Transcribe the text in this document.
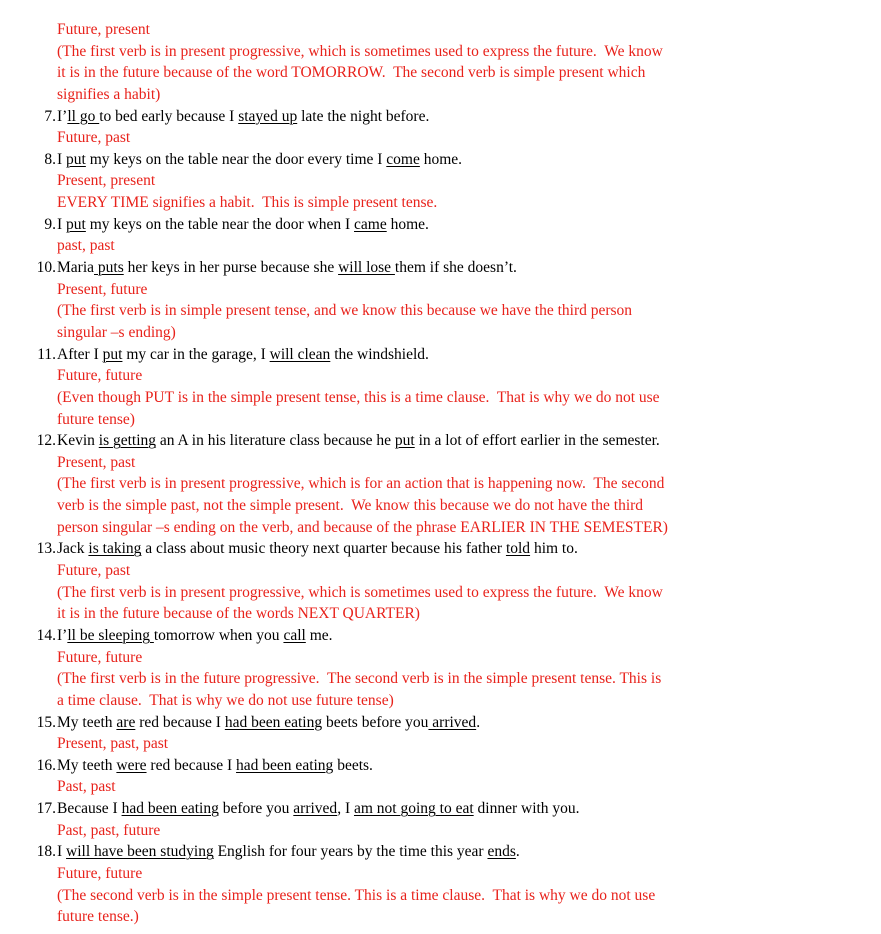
Future, present
(The first verb is in present progressive, which is sometimes used to express the future.  We know
it is in the future because of the word TOMORROW.  The second verb is simple present which
signifies a habit)
7. I’ll go to bed early because I stayed up late the night before.
Future, past
8. I put my keys on the table near the door every time I come home.
Present, present
EVERY TIME signifies a habit.  This is simple present tense.
9. I put my keys on the table near the door when I came home.
past, past
10. Maria puts her keys in her purse because she will lose them if she doesn’t.
Present, future
(The first verb is in simple present tense, and we know this because we have the third person
singular –s ending)
11. After I put my car in the garage, I will clean the windshield.
Future, future
(Even though PUT is in the simple present tense, this is a time clause.  That is why we do not use
future tense)
12. Kevin is getting an A in his literature class because he put in a lot of effort earlier in the semester.
Present, past
(The first verb is in present progressive, which is for an action that is happening now.  The second
verb is the simple past, not the simple present.  We know this because we do not have the third
person singular –s ending on the verb, and because of the phrase EARLIER IN THE SEMESTER)
13. Jack is taking a class about music theory next quarter because his father told him to.
Future, past
(The first verb is in present progressive, which is sometimes used to express the future.  We know
it is in the future because of the words NEXT QUARTER)
14. I’ll be sleeping tomorrow when you call me.
Future, future
(The first verb is in the future progressive.  The second verb is in the simple present tense. This is
a time clause.  That is why we do not use future tense)
15. My teeth are red because I had been eating beets before you arrived.
Present, past, past
16. My teeth were red because I had been eating beets.
Past, past
17. Because I had been eating before you arrived, I am not going to eat dinner with you.
Past, past, future
18. I will have been studying English for four years by the time this year ends.
Future, future
(The second verb is in the simple present tense. This is a time clause.  That is why we do not use
future tense.)
